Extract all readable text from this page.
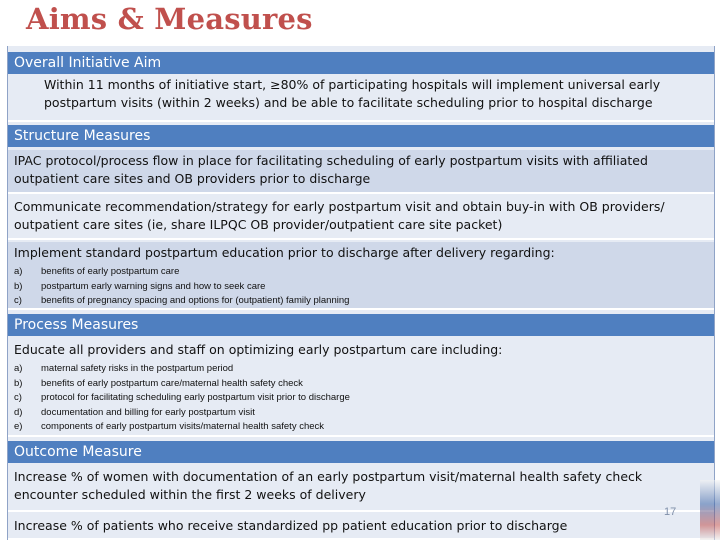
Aims & Measures
Overall Initiative Aim
Within 11 months of initiative start, ≥80% of participating hospitals will implement universal early postpartum visits (within 2 weeks) and be able to facilitate scheduling prior to hospital discharge
Structure Measures
IPAC protocol/process flow in place for facilitating scheduling of early postpartum visits with affiliated outpatient care sites and OB providers prior to discharge
Communicate recommendation/strategy for early postpartum visit and obtain buy-in with OB providers/ outpatient care sites (ie, share ILPQC OB provider/outpatient care site packet)
Implement standard postpartum education prior to discharge after delivery regarding:
a) benefits of early postpartum care
b) postpartum early warning signs and how to seek care
c) benefits of pregnancy spacing and options for (outpatient) family planning
Process Measures
Educate all providers and staff on optimizing early postpartum care including:
a) maternal safety risks in the postpartum period
b) benefits of early postpartum care/maternal health safety check
c) protocol for facilitating scheduling early postpartum visit prior to discharge
d) documentation and billing for early postpartum visit
e) components of early postpartum visits/maternal health safety check
Outcome Measure
Increase % of women with documentation of an early postpartum visit/maternal health safety check encounter scheduled within the first 2 weeks of delivery
Increase % of patients who receive standardized pp patient education prior to discharge
17
